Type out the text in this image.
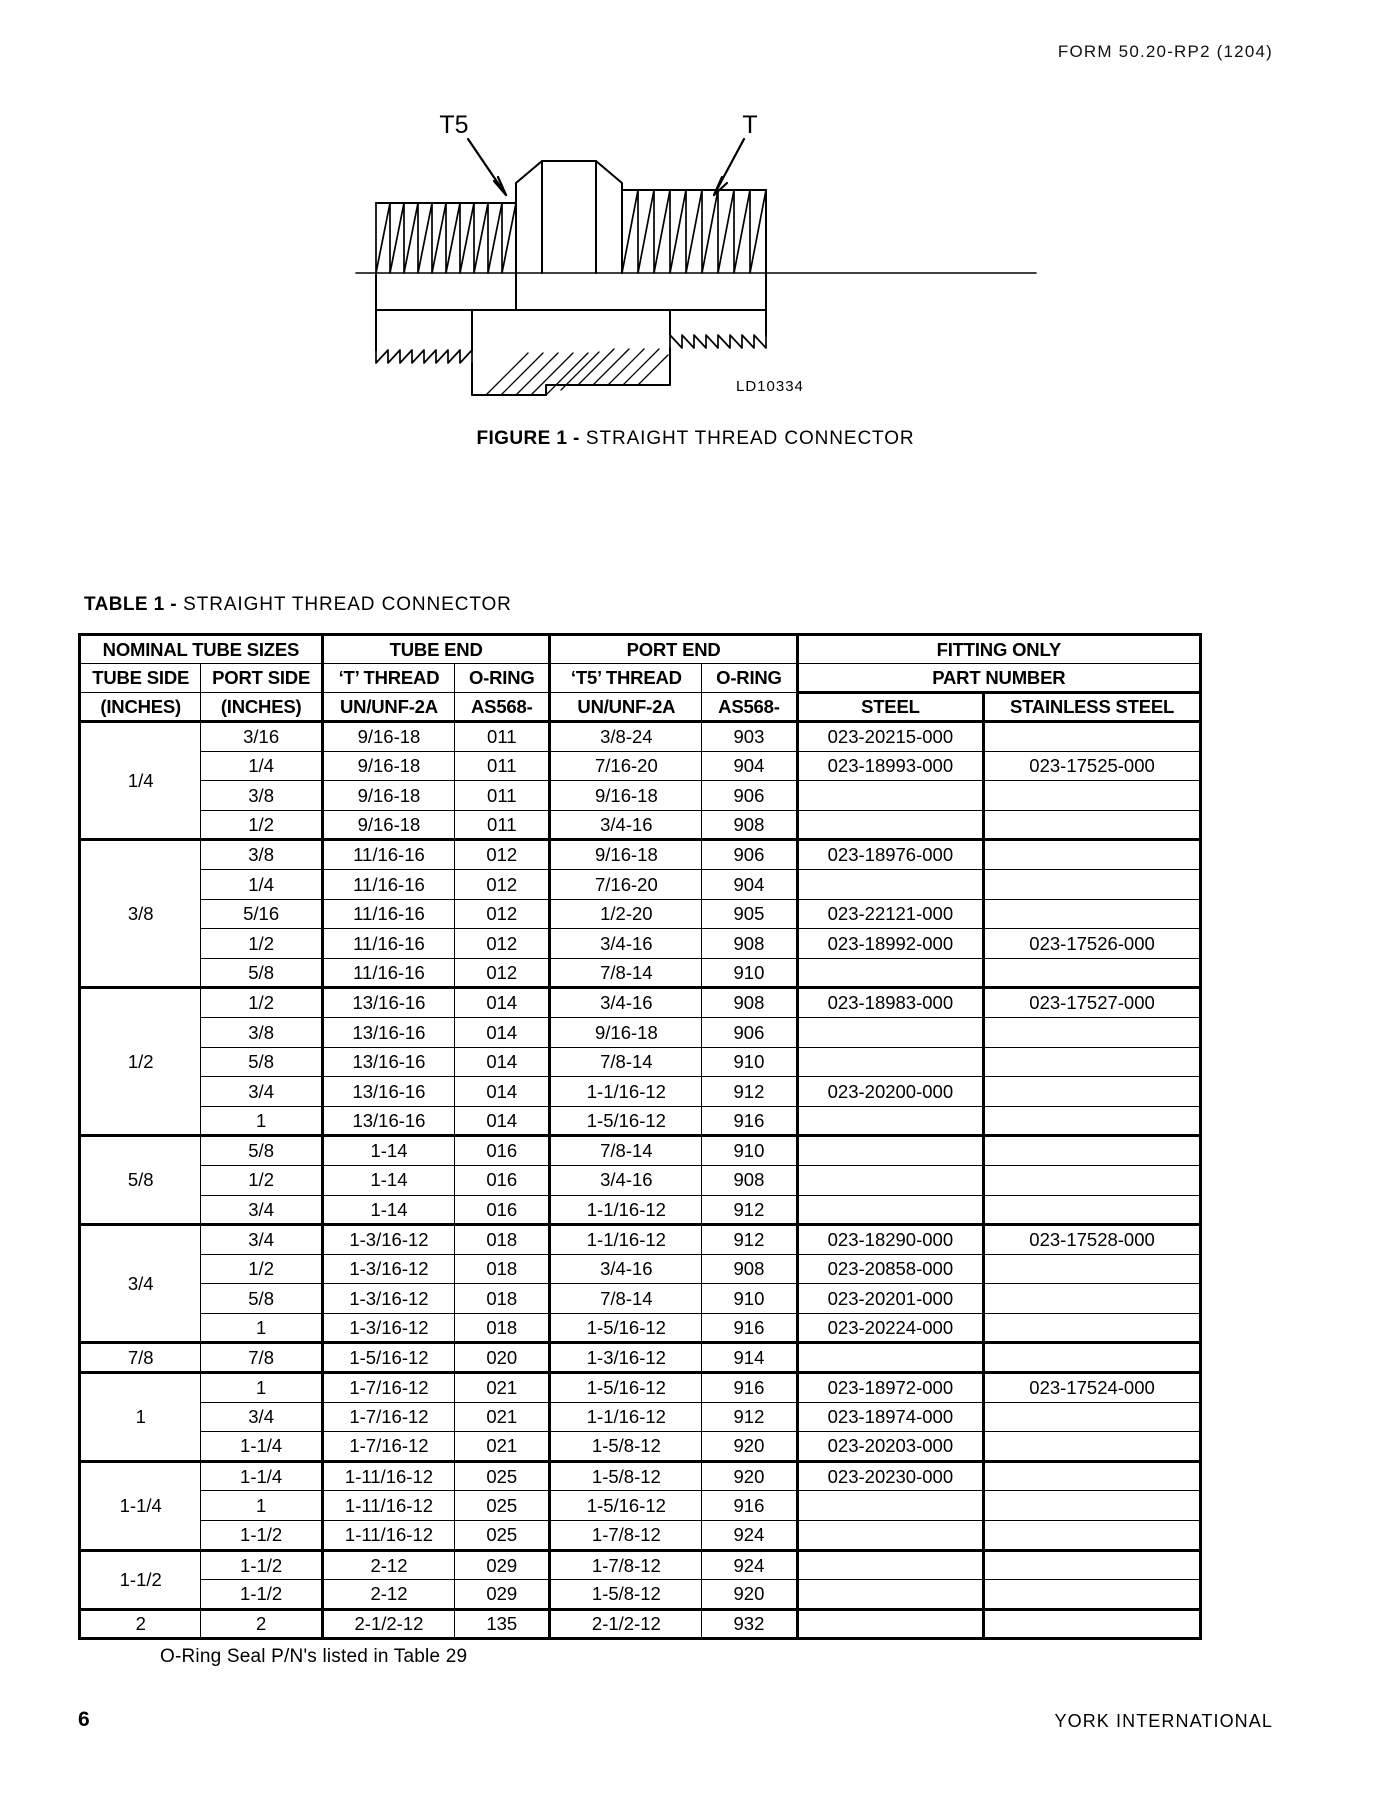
FORM 50.20-RP2 (1204)
T5	T
LD10334
FIGURE 1 - STRAIGHT THREAD CONNECTOR
TABLE 1 - STRAIGHT THREAD CONNECTOR
NOMINAL TUBE SIZES		TUBE END		PORT END		FITTING ONLY	
TUBE SIDE	PORT SIDE	‘T’ THREAD	O-RING	‘T5’ THREAD	O-RING	PART NUMBER	
(INCHES)	(INCHES)	UN/UNF-2A	AS568-	UN/UNF-2A	AS568-	STEEL	STAINLESS STEEL
1/4	3/16	9/16-18	011	3/8-24	903	023-20215-000	
	1/4	9/16-18	011	7/16-20	904	023-18993-000	023-17525-000
	3/8	9/16-18	011	9/16-18	906		
	1/2	9/16-18	011	3/4-16	908		
3/8	3/8	11/16-16	012	9/16-18	906	023-18976-000	
	1/4	11/16-16	012	7/16-20	904		
	5/16	11/16-16	012	1/2-20	905	023-22121-000	
	1/2	11/16-16	012	3/4-16	908	023-18992-000	023-17526-000
	5/8	11/16-16	012	7/8-14	910		
1/2	1/2	13/16-16	014	3/4-16	908	023-18983-000	023-17527-000
	3/8	13/16-16	014	9/16-18	906		
	5/8	13/16-16	014	7/8-14	910		
	3/4	13/16-16	014	1-1/16-12	912	023-20200-000	
	1	13/16-16	014	1-5/16-12	916		
5/8	5/8	1-14	016	7/8-14	910		
	1/2	1-14	016	3/4-16	908		
	3/4	1-14	016	1-1/16-12	912		
3/4	3/4	1-3/16-12	018	1-1/16-12	912	023-18290-000	023-17528-000
	1/2	1-3/16-12	018	3/4-16	908	023-20858-000	
	5/8	1-3/16-12	018	7/8-14	910	023-20201-000	
	1	1-3/16-12	018	1-5/16-12	916	023-20224-000	
7/8	7/8	1-5/16-12	020	1-3/16-12	914		
1	1	1-7/16-12	021	1-5/16-12	916	023-18972-000	023-17524-000
	3/4	1-7/16-12	021	1-1/16-12	912	023-18974-000	
	1-1/4	1-7/16-12	021	1-5/8-12	920	023-20203-000	
1-1/4	1-1/4	1-11/16-12	025	1-5/8-12	920	023-20230-000	
	1	1-11/16-12	025	1-5/16-12	916		
	1-1/2	1-11/16-12	025	1-7/8-12	924		
1-1/2	1-1/2	2-12	029	1-7/8-12	924		
	1-1/2	2-12	029	1-5/8-12	920		
2	2	2-1/2-12	135	2-1/2-12	932		
O-Ring Seal P/N's listed in Table 29
6	YORK INTERNATIONAL
